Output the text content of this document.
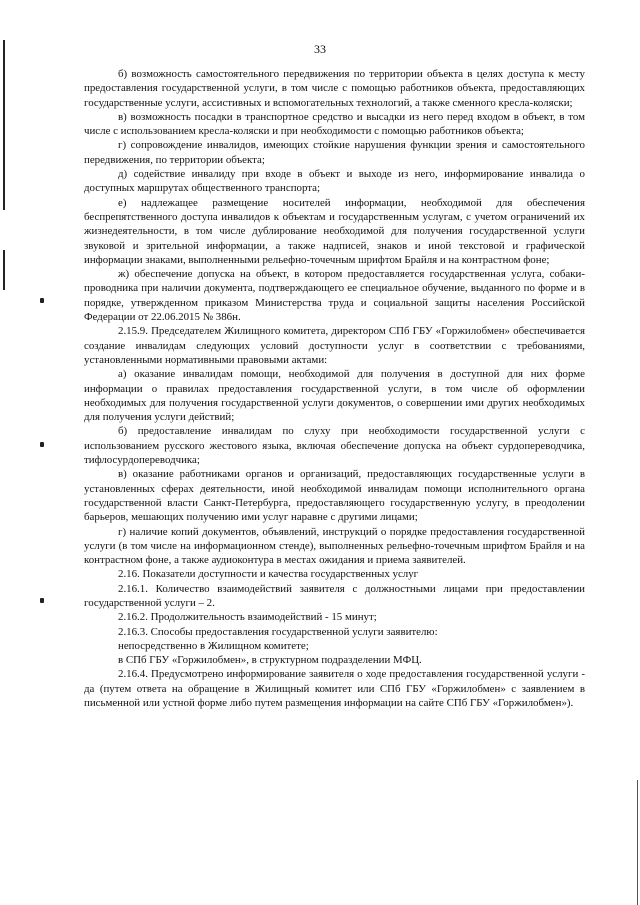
33

б) возможность самостоятельного передвижения по территории объекта в целях доступа к месту предоставления государственной услуги, в том числе с помощью работников объекта, предоставляющих государственные услуги, ассистивных и вспомогательных технологий, а также сменного кресла-коляски;

в) возможность посадки в транспортное средство и высадки из него перед входом в объект, в том числе с использованием кресла-коляски и при необходимости с помощью работников объекта;

г) сопровождение инвалидов, имеющих стойкие нарушения функции зрения и самостоятельного передвижения, по территории объекта;

д) содействие инвалиду при входе в объект и выходе из него, информирование инвалида о доступных маршрутах общественного транспорта;

е) надлежащее размещение носителей информации, необходимой для обеспечения беспрепятственного доступа инвалидов к объектам и государственным услугам, с учетом ограничений их жизнедеятельности, в том числе дублирование необходимой для получения государственной услуги звуковой и зрительной информации, а также надписей, знаков и иной текстовой и графической информации знаками, выполненными рельефно-точечным шрифтом Брайля и на контрастном фоне;

ж) обеспечение допуска на объект, в котором предоставляется государственная услуга, собаки-проводника при наличии документа, подтверждающего ее специальное обучение, выданного по форме и в порядке, утвержденном приказом Министерства труда и социальной защиты населения Российской Федерации от 22.06.2015 № 386н.

2.15.9. Председателем Жилищного комитета, директором СПб ГБУ «Горжилобмен» обеспечивается создание инвалидам следующих условий доступности услуг в соответствии с требованиями, установленными нормативными правовыми актами:

а) оказание инвалидам помощи, необходимой для получения в доступной для них форме информации о правилах предоставления государственной услуги, в том числе об оформлении необходимых для получения государственной услуги документов, о совершении ими других необходимых для получения услуги действий;

б) предоставление инвалидам по слуху при необходимости государственной услуги с использованием русского жестового языка, включая обеспечение допуска на объект сурдопереводчика, тифлосурдопереводчика;

в) оказание работниками органов и организаций, предоставляющих государственные услуги в установленных сферах деятельности, иной необходимой инвалидам помощи исполнительного органа государственной власти Санкт-Петербурга, предоставляющего государственную услугу, в преодолении барьеров, мешающих получению ими услуг наравне с другими лицами;

г) наличие копий документов, объявлений, инструкций о порядке предоставления государственной услуги (в том числе на информационном стенде), выполненных рельефно-точечным шрифтом Брайля и на контрастном фоне, а также аудиоконтура в местах ожидания и приема заявителей.

2.16. Показатели доступности и качества государственных услуг

2.16.1. Количество взаимодействий заявителя с должностными лицами при предоставлении государственной услуги – 2.

2.16.2. Продолжительность взаимодействий - 15 минут;

2.16.3. Способы предоставления государственной услуги заявителю:

непосредственно в Жилищном комитете;

в СПб ГБУ «Горжилобмен», в структурном подразделении МФЦ.

2.16.4. Предусмотрено информирование заявителя о ходе предоставления государственной услуги - да (путем ответа на обращение в Жилищный комитет или СПб ГБУ «Горжилобмен» с заявлением в письменной или устной форме либо путем размещения информации на сайте СПб ГБУ «Горжилобмен»).
